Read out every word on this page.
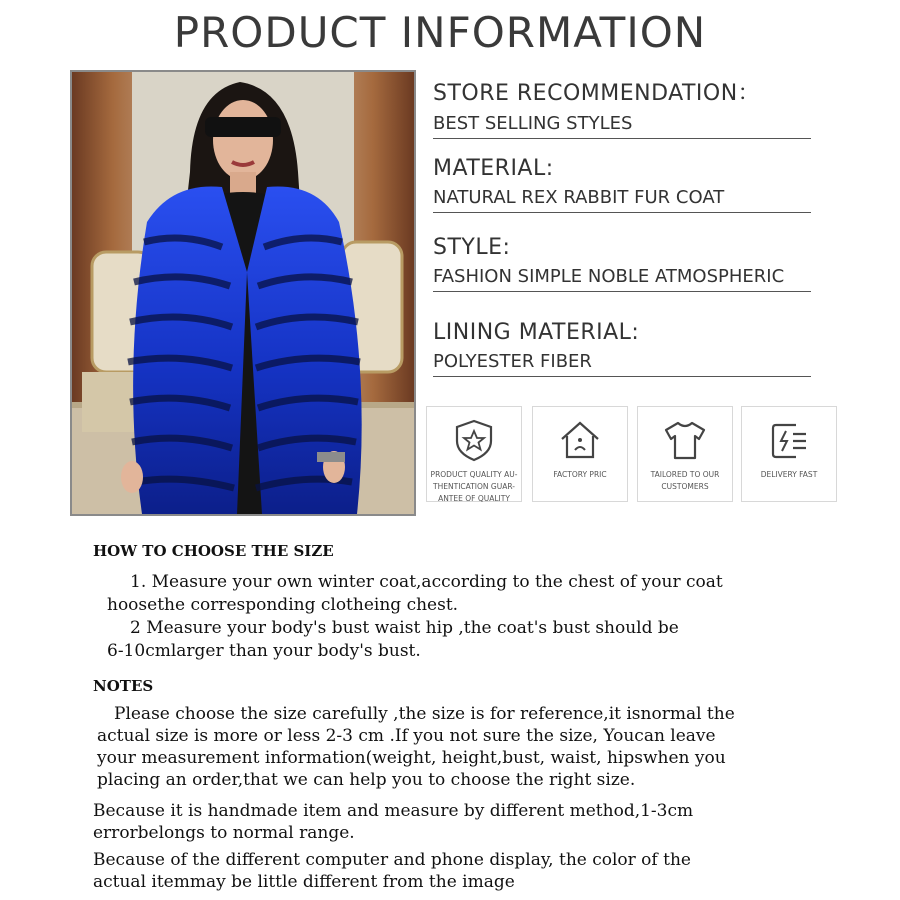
PRODUCT INFORMATION
STORE RECOMMENDATION：
BEST SELLING STYLES
MATERIAL:
NATURAL REX RABBIT FUR COAT
STYLE:
FASHION SIMPLE NOBLE ATMOSPHERIC
LINING MATERIAL:
POLYESTER FIBER
PRODUCT QUALITY AU-
THENTICATION GUAR-
ANTEE OF QUALITY
FACTORY PRIC	TAILORED TO OUR
CUSTOMERS
DELIVERY FAST
HOW TO CHOOSE THE SIZE
1. Measure your own winter coat,according to the chest of your coat
hoosethe corresponding clotheing chest.
2 Measure your body's bust waist hip ,the coat's bust should be
6-10cmlarger than your body's bust.
NOTES
Please choose the size carefully ,the size is for reference,it isnormal the
actual size is more or less 2-3 cm .If you not sure the size, Youcan leave
your measurement information(weight, height,bust, waist, hipswhen you
placing an order,that we can help you to choose the right size.
Because it is handmade item and measure by different method,1-3cm
errorbelongs to normal range.
Because of the different computer and phone display, the color of the
actual itemmay be little different from the image
